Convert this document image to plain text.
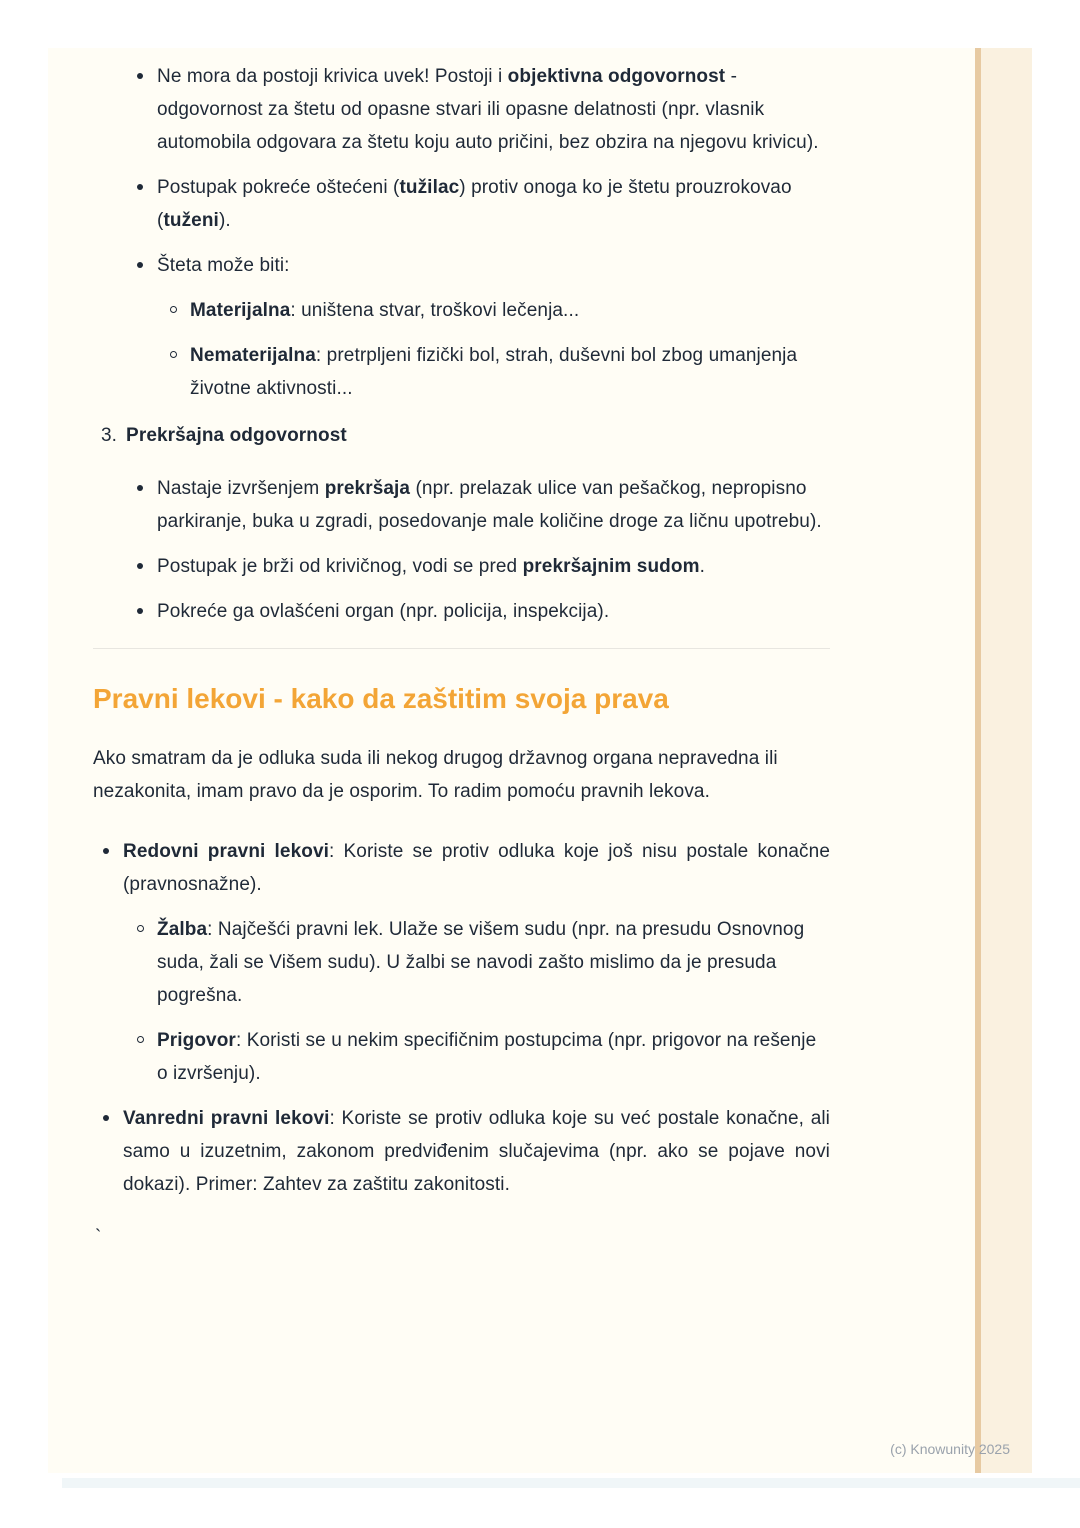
Ne mora da postoji krivica uvek! Postoji i objektivna odgovornost - odgovornost za štetu od opasne stvari ili opasne delatnosti (npr. vlasnik automobila odgovara za štetu koju auto pričini, bez obzira na njegovu krivicu).
Postupak pokreće oštećeni (tužilac) protiv onoga ko je štetu prouzrokovao (tuženi).
Šteta može biti:
Materijalna: uništena stvar, troškovi lečenja...
Nematerijalna: pretrpljeni fizički bol, strah, duševni bol zbog umanjenja životne aktivnosti...
3. Prekršajna odgovornost
Nastaje izvršenjem prekršaja (npr. prelazak ulice van pešačkog, nepropisno parkiranje, buka u zgradi, posedovanje male količine droge za ličnu upotrebu).
Postupak je brži od krivičnog, vodi se pred prekršajnim sudom.
Pokreće ga ovlašćeni organ (npr. policija, inspekcija).
Pravni lekovi - kako da zaštitim svoja prava
Ako smatram da je odluka suda ili nekog drugog državnog organa nepravedna ili nezakonita, imam pravo da je osporim. To radim pomoću pravnih lekova.
Redovni pravni lekovi: Koriste se protiv odluka koje još nisu postale konačne (pravnosnažne).
Žalba: Najčešći pravni lek. Ulaže se višem sudu (npr. na presudu Osnovnog suda, žali se Višem sudu). U žalbi se navodi zašto mislimo da je presuda pogrešna.
Prigovor: Koristi se u nekim specifičnim postupcima (npr. prigovor na rešenje o izvršenju).
Vanredni pravni lekovi: Koriste se protiv odluka koje su već postale konačne, ali samo u izuzetnim, zakonom predviđenim slučajevima (npr. ako se pojave novi dokazi). Primer: Zahtev za zaštitu zakonitosti.
`
(c) Knowunity 2025
